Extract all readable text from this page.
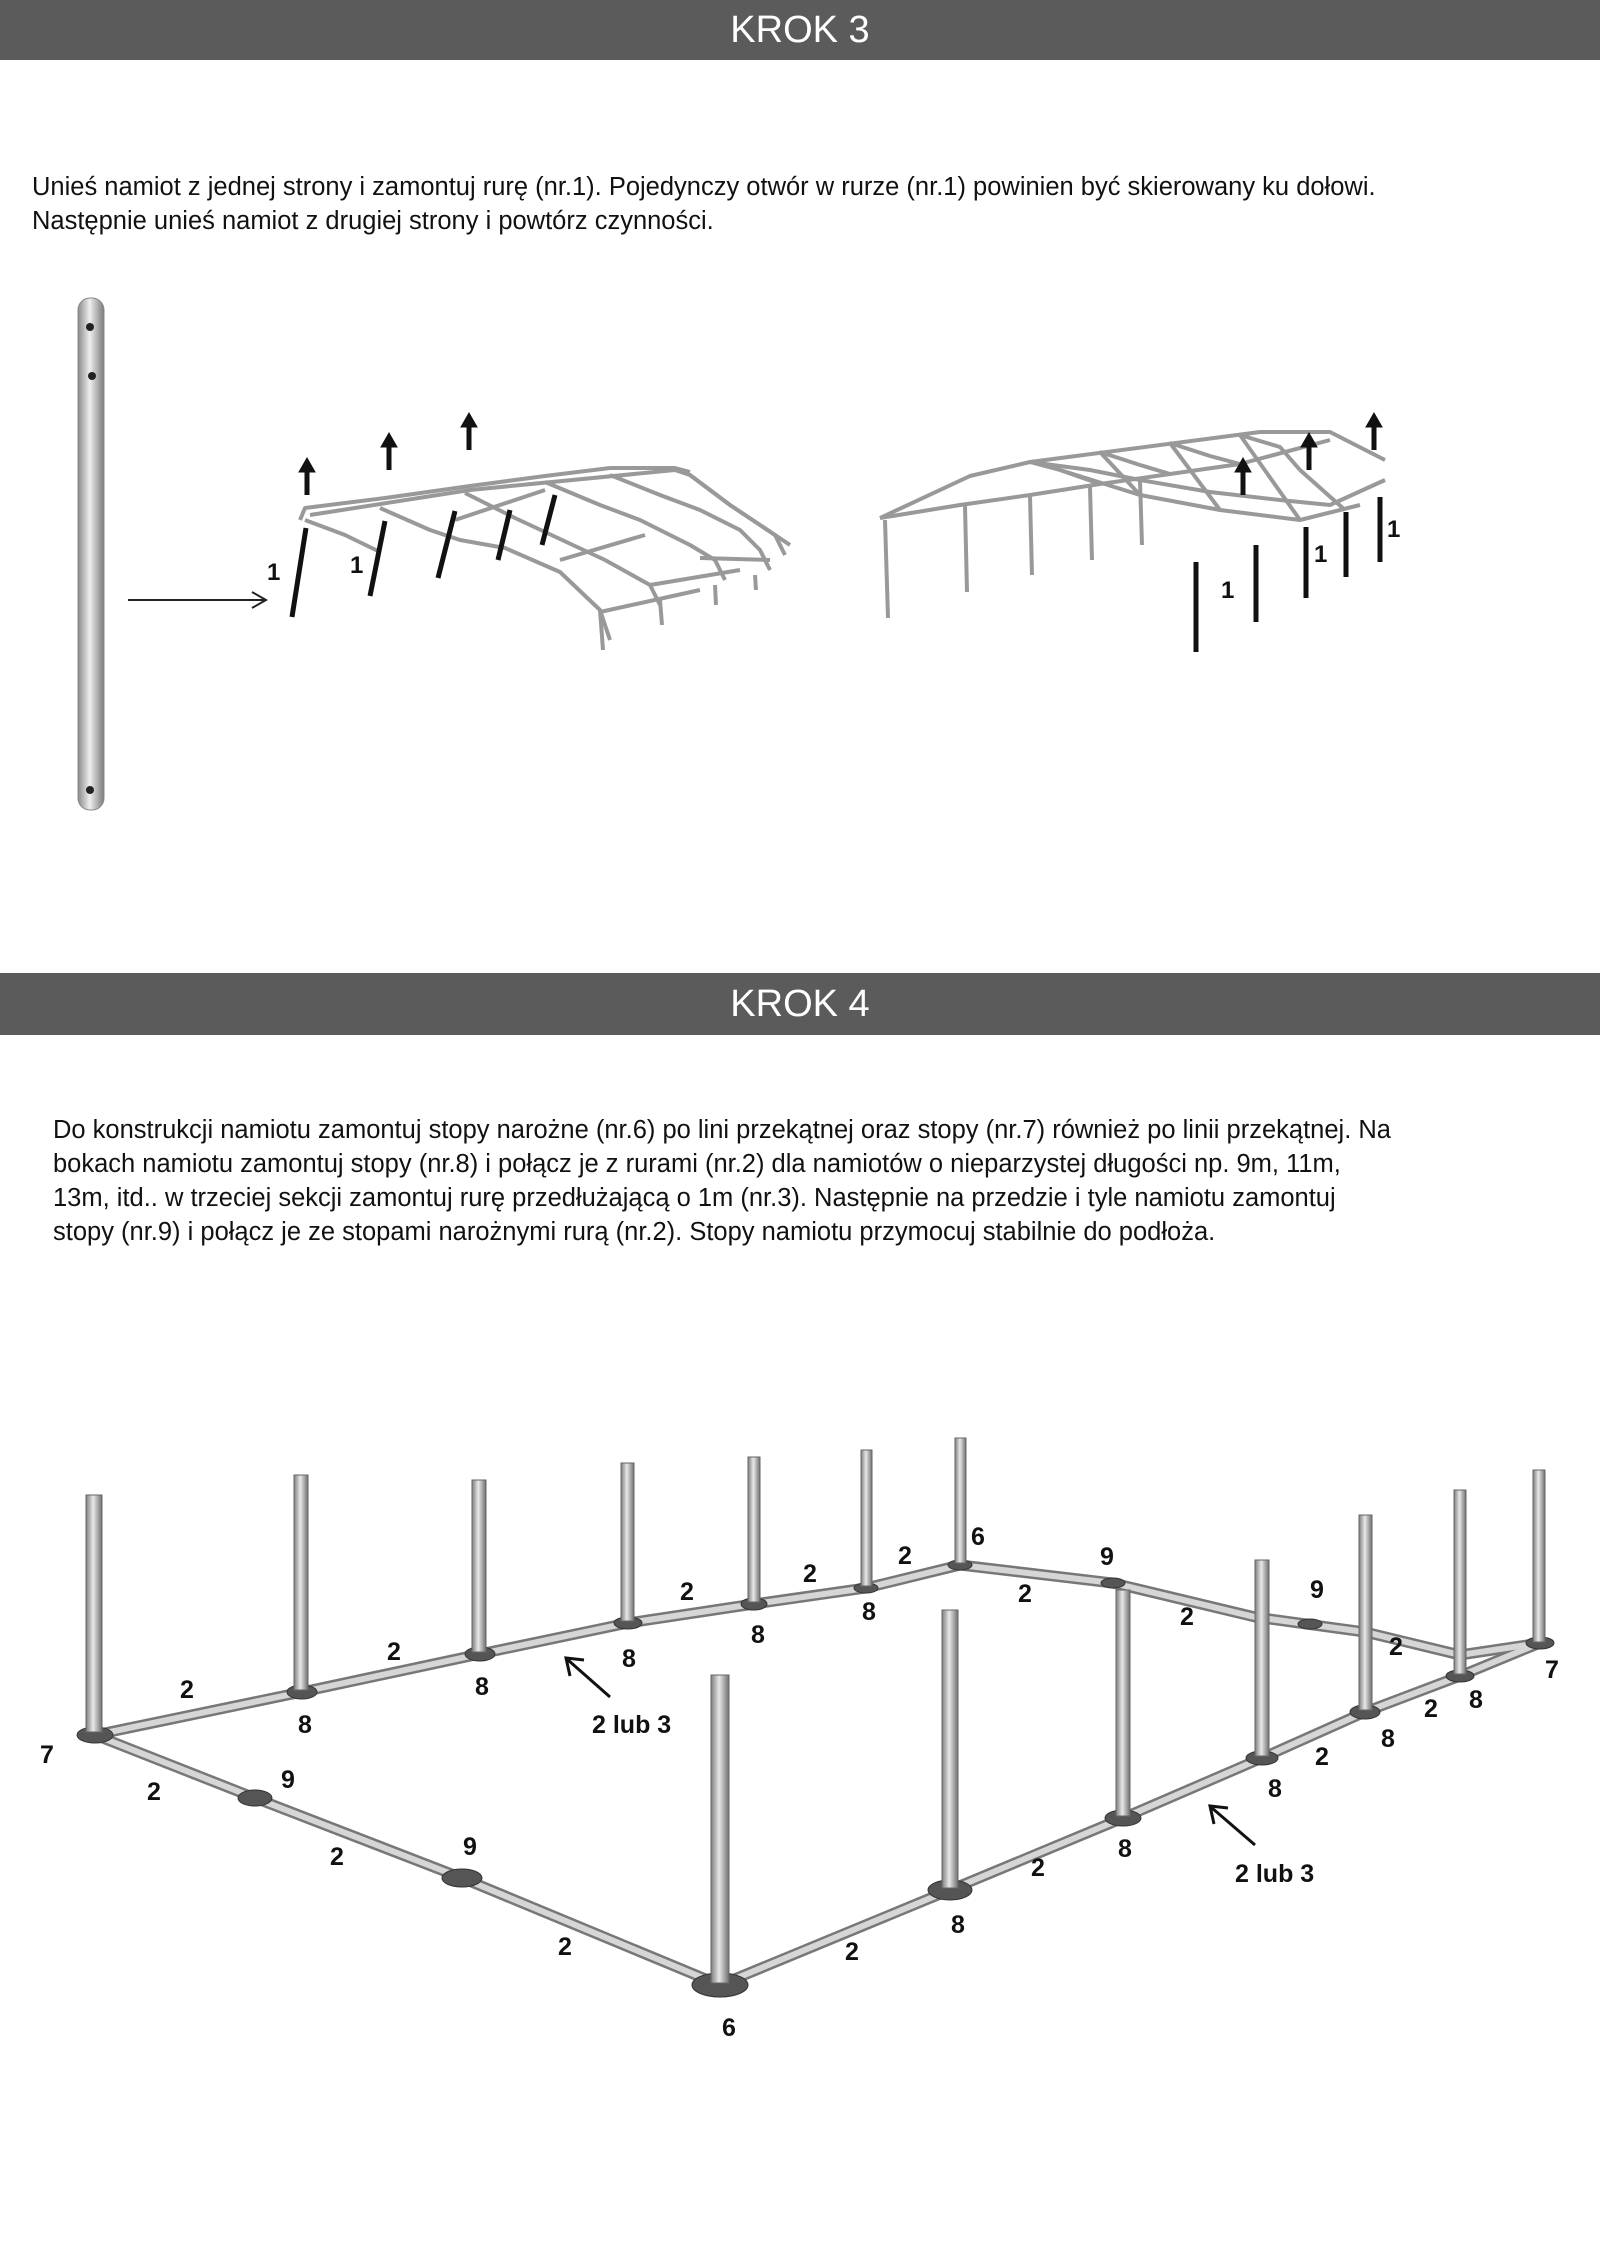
KROK 3
Unieś namiot z jednej strony i zamontuj rurę (nr.1). Pojedynczy otwór w rurze (nr.1) powinien być skierowany ku dołowi.
Następnie unieś namiot z drugiej strony i powtórz czynności.
1	1
1
1
1
KROK 4
Do konstrukcji namiotu zamontuj stopy narożne (nr.6) po lini przekątnej oraz stopy (nr.7) również po linii przekątnej. Na
bokach namiotu zamontuj stopy (nr.8) i połącz je z rurami (nr.2) dla namiotów o nieparzystej długości np. 9m, 11m,
13m, itd.. w trzeciej sekcji zamontuj rurę przedłużającą o 1m (nr.3). Następnie na przedzie i tyle namiotu zamontuj
stopy (nr.9) i połącz je ze stopami narożnymi rurą (nr.2). Stopy namiotu przymocuj stabilnie do podłoża.
6
6
7
7
8
8
8
8
8
8
8
8
8
8
9
9
9
9
2
2
2
2
2
2
2
2
2
2
2	2
2
2
2
2 lub 3
2 lub 3
